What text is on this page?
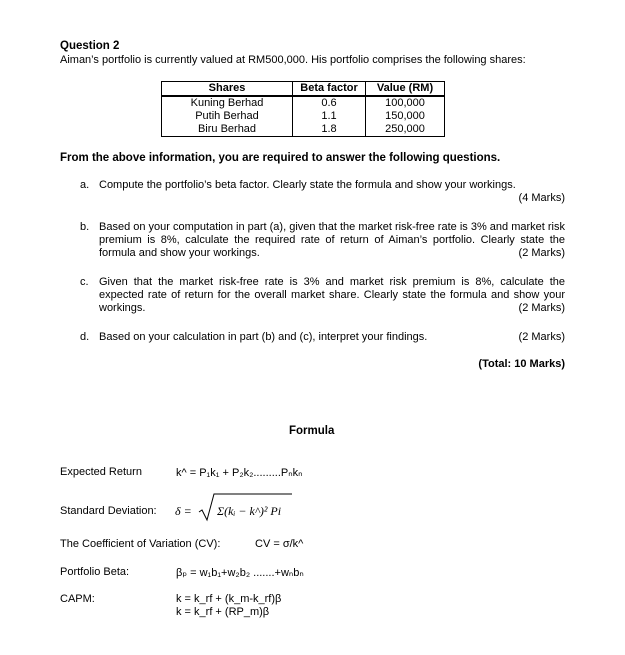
Question 2
Aiman’s portfolio is currently valued at RM500,000. His portfolio comprises the following shares:
Shares	Beta factor	Value (RM)
Kuning Berhad	0.6	100,000
Putih Berhad	1.1	150,000
Biru Berhad	1.8	250,000
From the above information, you are required to answer the following questions.
a. Compute the portfolio’s beta factor. Clearly state the formula and show your workings.
(4 Marks)
b. Based on your computation in part (a), given that the market risk-free rate is 3% and market risk premium is 8%, calculate the required rate of return of Aiman’s portfolio. Clearly state the formula and show your workings.	(2 Marks)
c. Given that the market risk-free rate is 3% and market risk premium is 8%, calculate the expected rate of return for the overall market share. Clearly state the formula and show your workings.	(2 Marks)
d. Based on your calculation in part (b) and (c), interpret your findings.	(2 Marks)
(Total: 10 Marks)
Formula
Expected Return	k^ = P₁k₁ + P₂k₂.........Pₙkₙ
Standard Deviation: δ = Σ(kᵢ − k^)² Pi
The Coefficient of Variation (CV):	CV = σ/k^
Portfolio Beta:	βₚ = w₁b₁+w₂b₂ .......+wₙbₙ
CAPM:	k = k_rf + (k_m-k_rf)β
k = k_rf + (RP_m)β
